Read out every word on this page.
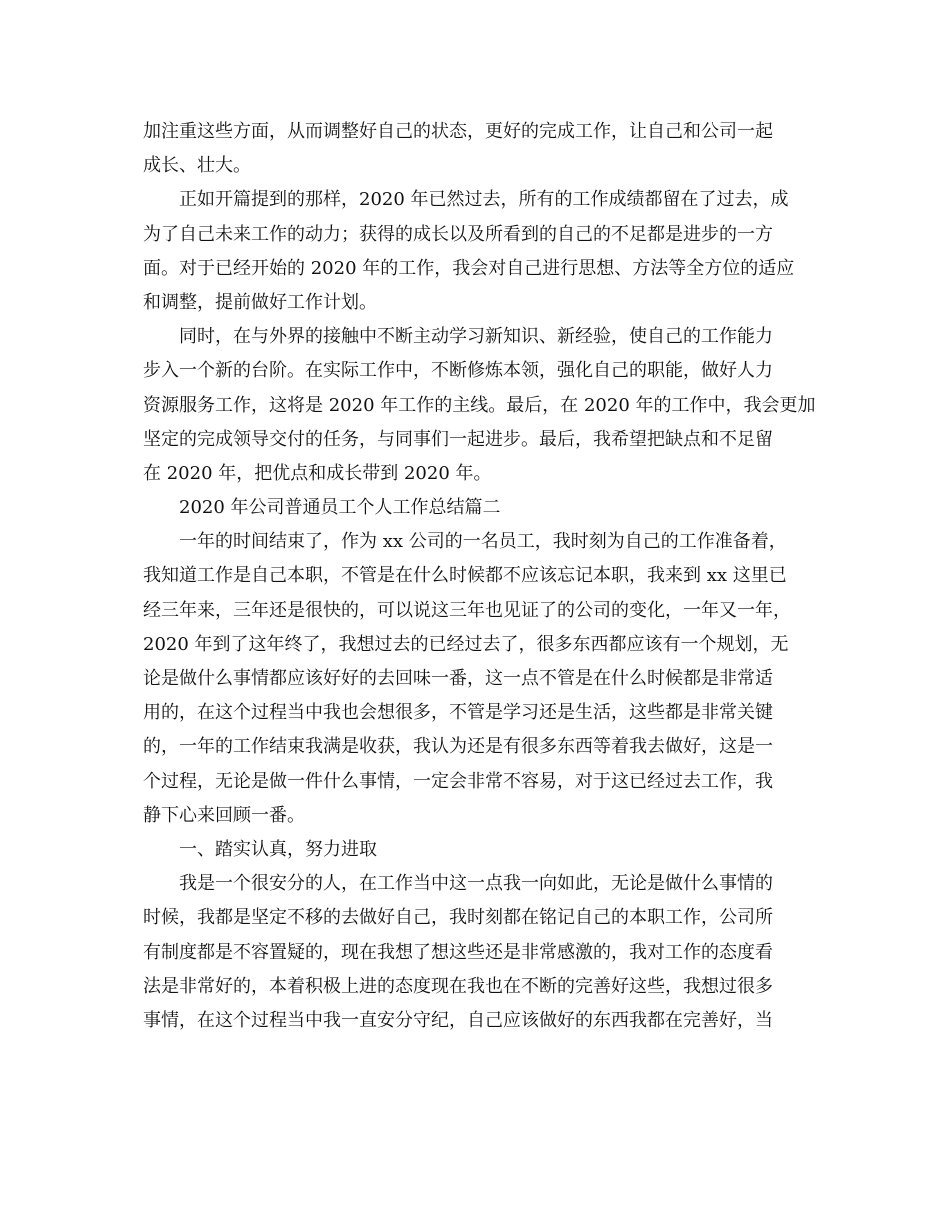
加注重这些方面，从而调整好自己的状态，更好的完成工作，让自己和公司一起
成长、壮大。
正如开篇提到的那样，2020 年已然过去，所有的工作成绩都留在了过去，成
为了自己未来工作的动力；获得的成长以及所看到的自己的不足都是进步的一方
面。对于已经开始的 2020 年的工作，我会对自己进行思想、方法等全方位的适应
和调整，提前做好工作计划。
同时，在与外界的接触中不断主动学习新知识、新经验，使自己的工作能力
步入一个新的台阶。在实际工作中，不断修炼本领，强化自己的职能，做好人力
资源服务工作，这将是 2020 年工作的主线。最后，在 2020 年的工作中，我会更加
坚定的完成领导交付的任务，与同事们一起进步。最后，我希望把缺点和不足留
在 2020 年，把优点和成长带到 2020 年。
2020 年公司普通员工个人工作总结篇二
一年的时间结束了，作为 xx 公司的一名员工，我时刻为自己的工作准备着，
我知道工作是自己本职，不管是在什么时候都不应该忘记本职，我来到 xx 这里已
经三年来，三年还是很快的，可以说这三年也见证了的公司的变化，一年又一年，
2020 年到了这年终了，我想过去的已经过去了，很多东西都应该有一个规划，无
论是做什么事情都应该好好的去回味一番，这一点不管是在什么时候都是非常适
用的，在这个过程当中我也会想很多，不管是学习还是生活，这些都是非常关键
的，一年的工作结束我满是收获，我认为还是有很多东西等着我去做好，这是一
个过程，无论是做一件什么事情，一定会非常不容易，对于这已经过去工作，我
静下心来回顾一番。
一、踏实认真，努力进取
我是一个很安分的人，在工作当中这一点我一向如此，无论是做什么事情的
时候，我都是坚定不移的去做好自己，我时刻都在铭记自己的本职工作，公司所
有制度都是不容置疑的，现在我想了想这些还是非常感激的，我对工作的态度看
法是非常好的，本着积极上进的态度现在我也在不断的完善好这些，我想过很多
事情，在这个过程当中我一直安分守纪，自己应该做好的东西我都在完善好，当
